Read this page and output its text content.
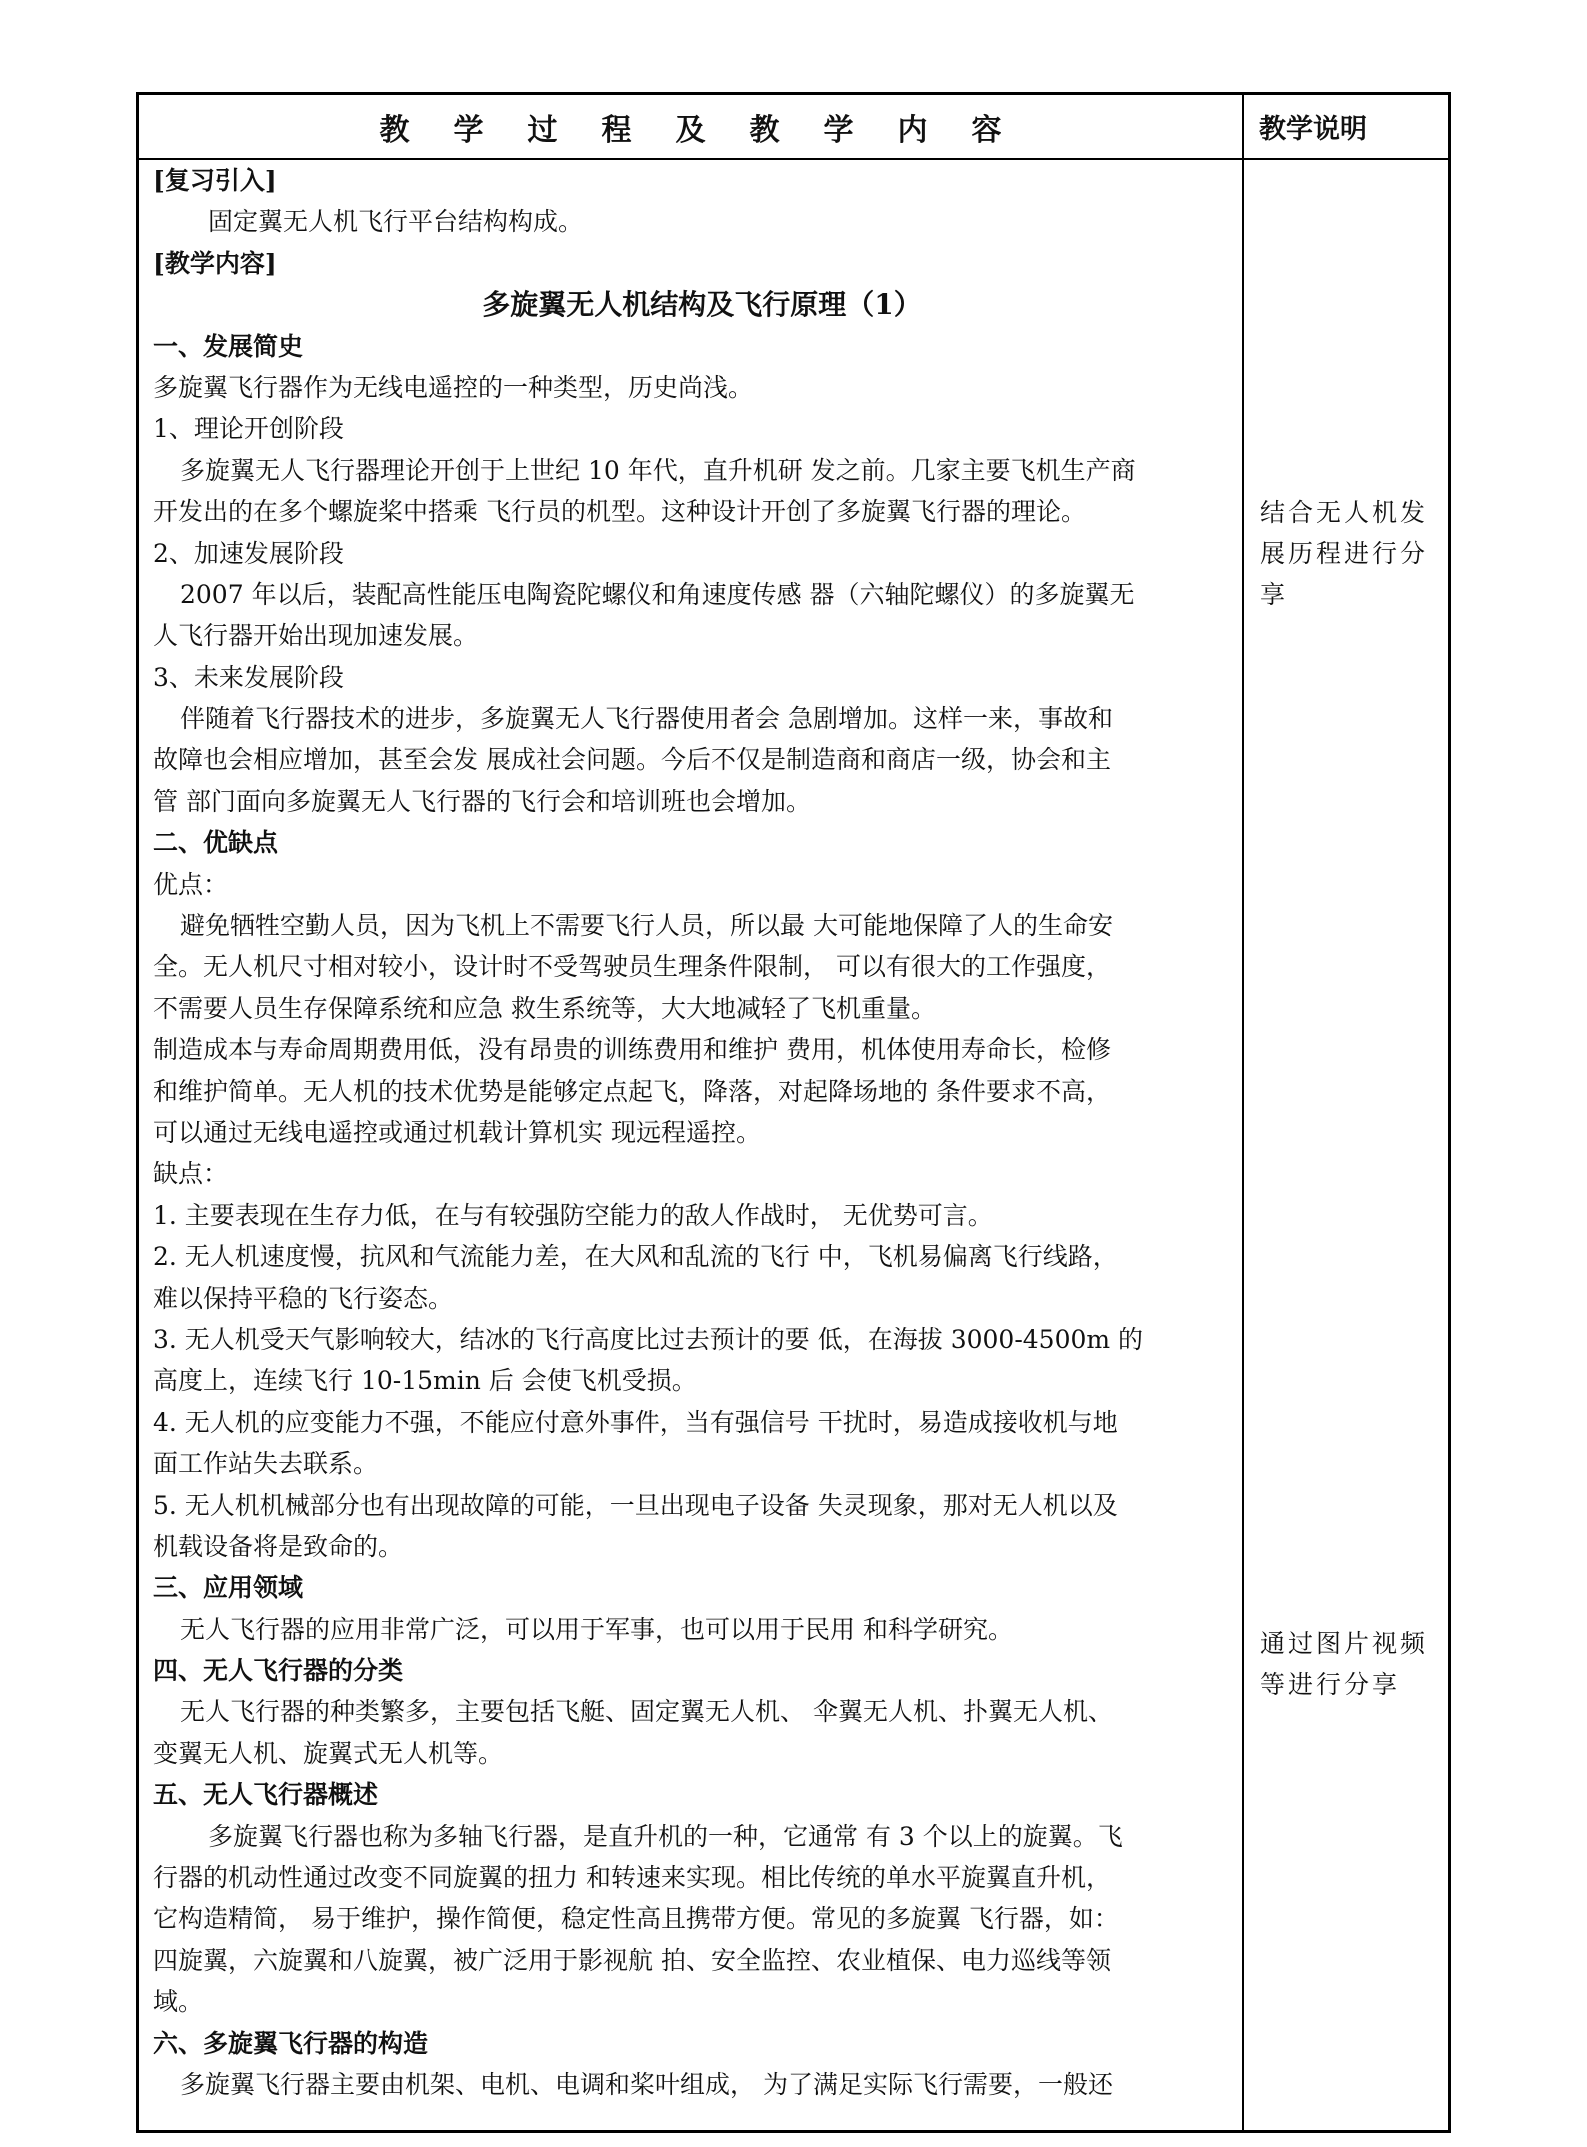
教学过程及教学内容	教学说明
[复习引入]
固定翼无人机飞行平台结构构成。
[教学内容]
多旋翼无人机结构及飞行原理（1）
一、发展简史
多旋翼飞行器作为无线电遥控的一种类型，历史尚浅。
1、理论开创阶段
多旋翼无人飞行器理论开创于上世纪 10 年代，直升机研 发之前。几家主要飞机生产商
开发出的在多个螺旋桨中搭乘 飞行员的机型。这种设计开创了多旋翼飞行器的理论。
2、加速发展阶段
2007 年以后，装配高性能压电陶瓷陀螺仪和角速度传感 器（六轴陀螺仪）的多旋翼无
人飞行器开始出现加速发展。
3、未来发展阶段
伴随着飞行器技术的进步，多旋翼无人飞行器使用者会 急剧增加。这样一来，事故和
故障也会相应增加，甚至会发 展成社会问题。今后不仅是制造商和商店一级，协会和主
管 部门面向多旋翼无人飞行器的飞行会和培训班也会增加。
二、优缺点
优点：
避免牺牲空勤人员，因为飞机上不需要飞行人员，所以最 大可能地保障了人的生命安
全。无人机尺寸相对较小，设计时不受驾驶员生理条件限制， 可以有很大的工作强度，
不需要人员生存保障系统和应急 救生系统等，大大地减轻了飞机重量。
制造成本与寿命周期费用低，没有昂贵的训练费用和维护 费用，机体使用寿命长，检修
和维护简单。无人机的技术优势是能够定点起飞，降落，对起降场地的 条件要求不高，
可以通过无线电遥控或通过机载计算机实 现远程遥控。
缺点：
1. 主要表现在生存力低，在与有较强防空能力的敌人作战时， 无优势可言。
2. 无人机速度慢，抗风和气流能力差，在大风和乱流的飞行 中，飞机易偏离飞行线路，
难以保持平稳的飞行姿态。
3. 无人机受天气影响较大，结冰的飞行高度比过去预计的要 低，在海拔 3000-4500m 的
高度上，连续飞行 10-15min 后 会使飞机受损。
4. 无人机的应变能力不强，不能应付意外事件，当有强信号 干扰时，易造成接收机与地
面工作站失去联系。
5. 无人机机械部分也有出现故障的可能，一旦出现电子设备 失灵现象，那对无人机以及
机载设备将是致命的。
三、应用领域
无人飞行器的应用非常广泛，可以用于军事，也可以用于民用 和科学研究。
四、无人飞行器的分类
无人飞行器的种类繁多，主要包括飞艇、固定翼无人机、 伞翼无人机、扑翼无人机、
变翼无人机、旋翼式无人机等。
五、无人飞行器概述
多旋翼飞行器也称为多轴飞行器，是直升机的一种，它通常 有 3 个以上的旋翼。飞
行器的机动性通过改变不同旋翼的扭力 和转速来实现。相比传统的单水平旋翼直升机，
它构造精简， 易于维护，操作简便，稳定性高且携带方便。常见的多旋翼 飞行器，如：
四旋翼，六旋翼和八旋翼，被广泛用于影视航 拍、安全监控、农业植保、电力巡线等领
域。
六、多旋翼飞行器的构造
多旋翼飞行器主要由机架、电机、电调和桨叶组成， 为了满足实际飞行需要，一般还
结合无人机发
展历程进行分
享
通过图片视频
等进行分享
